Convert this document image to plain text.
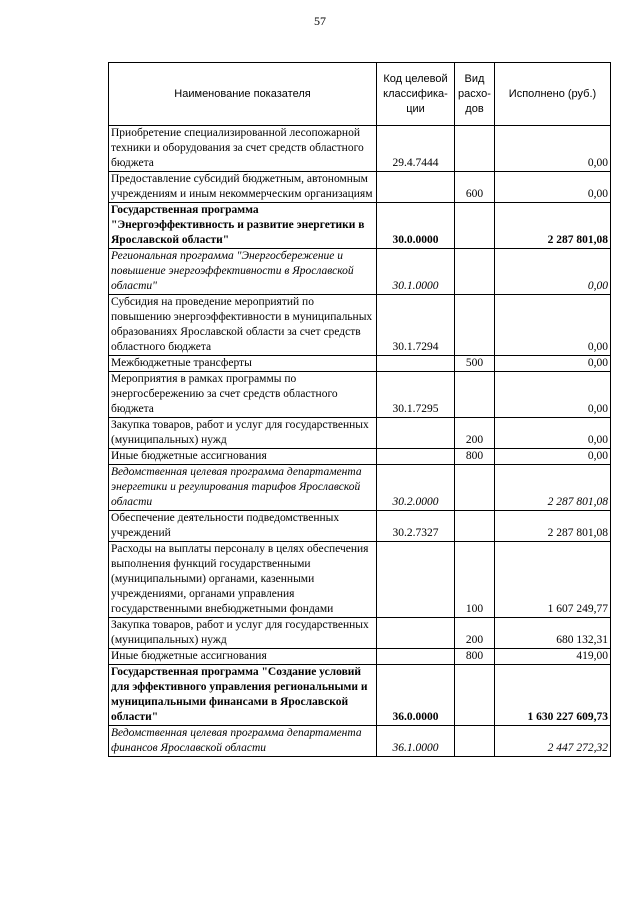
57
Наименование показателя	Код целевой классифика-ции	Вид расхо-дов	Исполнено (руб.)
Приобретение специализированной лесопожарной техники и оборудования за счет средств областного бюджета	29.4.7444		0,00
Предоставление субсидий бюджетным, автономным учреждениям и иным некоммерческим организациям		600	0,00
Государственная программа "Энергоэффективность и развитие энергетики в Ярославской области"	30.0.0000		2 287 801,08
Региональная программа "Энергосбережение и повышение энергоэффективности в Ярославской области"	30.1.0000		0,00
Субсидия на проведение мероприятий по повышению энергоэффективности в муниципальных образованиях Ярославской области за счет средств областного бюджета	30.1.7294		0,00
Межбюджетные трансферты		500	0,00
Мероприятия в рамках программы по энергосбережению за счет средств областного бюджета	30.1.7295		0,00
Закупка товаров, работ и услуг для государственных (муниципальных) нужд		200	0,00
Иные бюджетные ассигнования		800	0,00
Ведомственная целевая программа департамента энергетики и регулирования тарифов Ярославской области	30.2.0000		2 287 801,08
Обеспечение деятельности подведомственных учреждений	30.2.7327		2 287 801,08
Расходы на выплаты персоналу в целях обеспечения выполнения функций государственными (муниципальными) органами, казенными учреждениями, органами управления государственными внебюджетными фондами		100	1 607 249,77
Закупка товаров, работ и услуг для государственных (муниципальных) нужд		200	680 132,31
Иные бюджетные ассигнования		800	419,00
Государственная программа "Создание условий для эффективного управления региональными и муниципальными финансами в Ярославской области"	36.0.0000		1 630 227 609,73
Ведомственная целевая программа департамента финансов Ярославской области	36.1.0000		2 447 272,32
